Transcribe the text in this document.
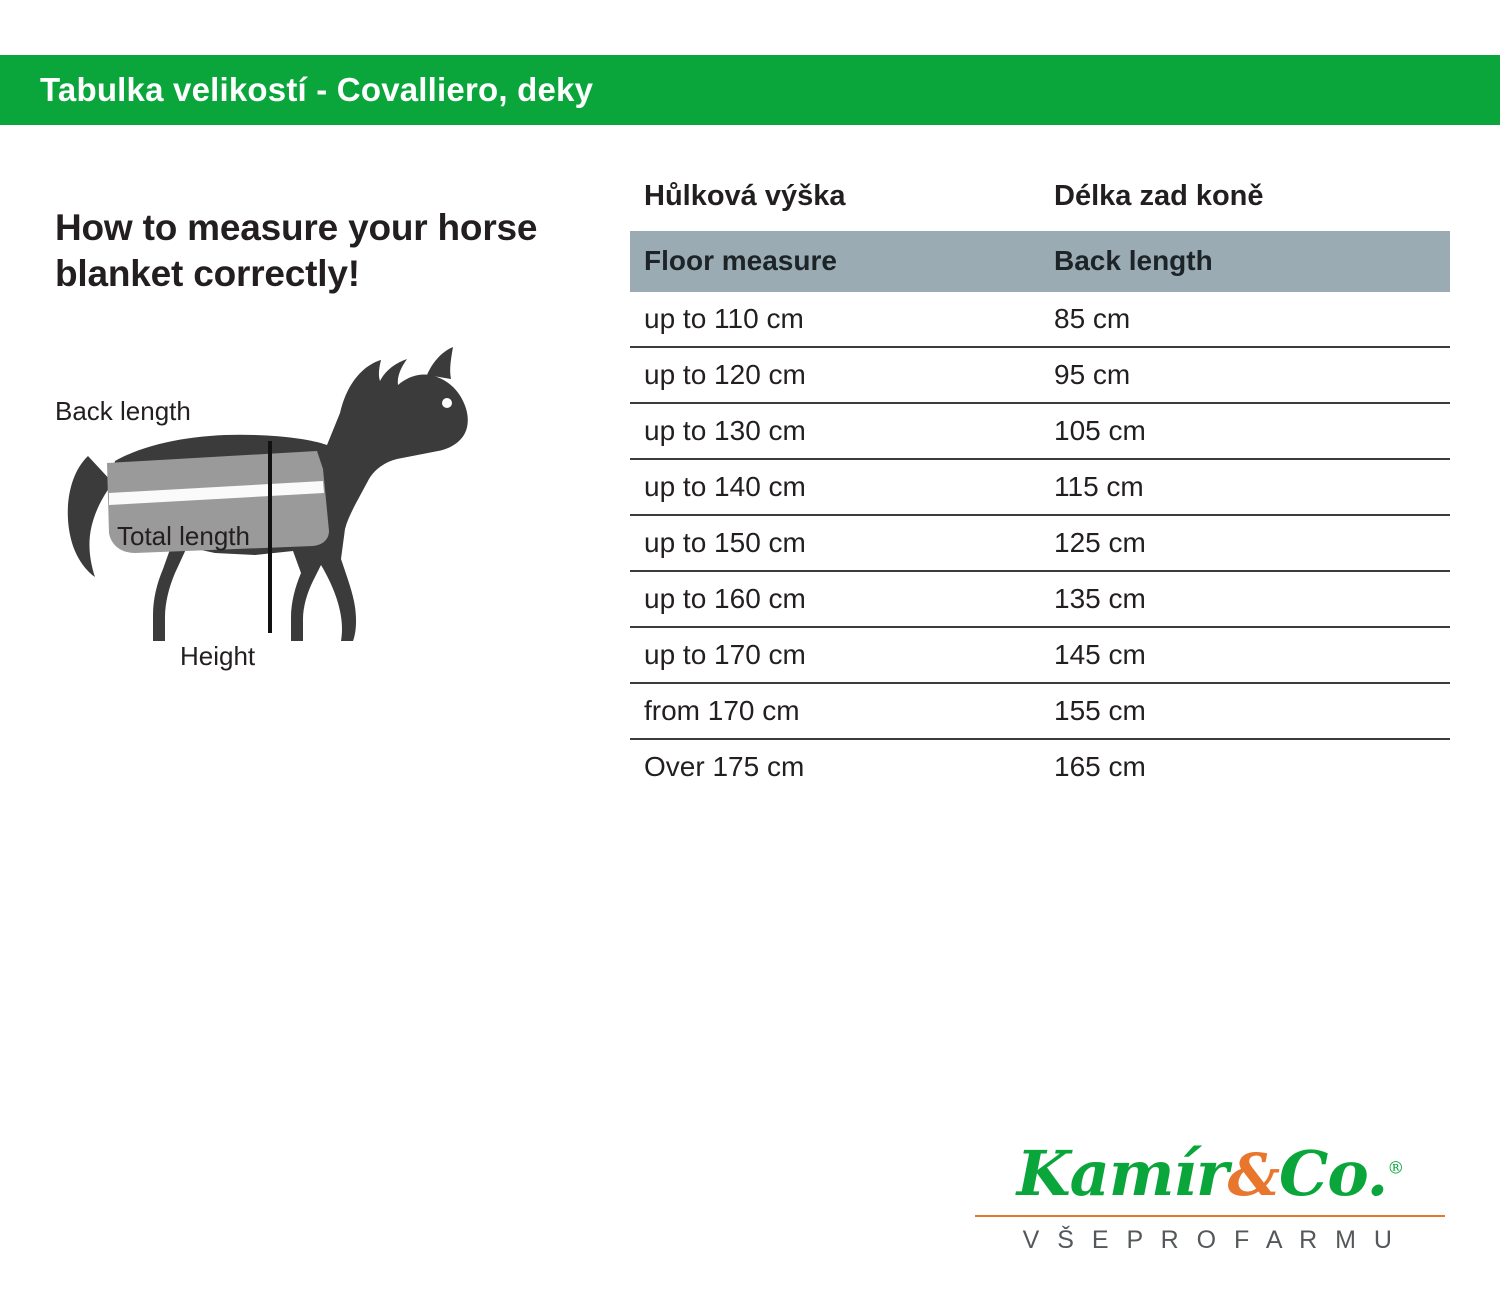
Tabulka velikostí - Covalliero, deky
How to measure your horse blanket correctly!
Back length
Total length
Height
Hůlková výška	Délka zad koně
Floor measure	Back length
up to 110 cm	85 cm
up to 120 cm	95 cm
up to 130 cm	105 cm
up to 140 cm	115 cm
up to 150 cm	125 cm
up to 160 cm	135 cm
up to 170 cm	145 cm
from 170 cm	155 cm
Over 175 cm	165 cm
Kamír&Co.®
V Š E P R O F A R M U
